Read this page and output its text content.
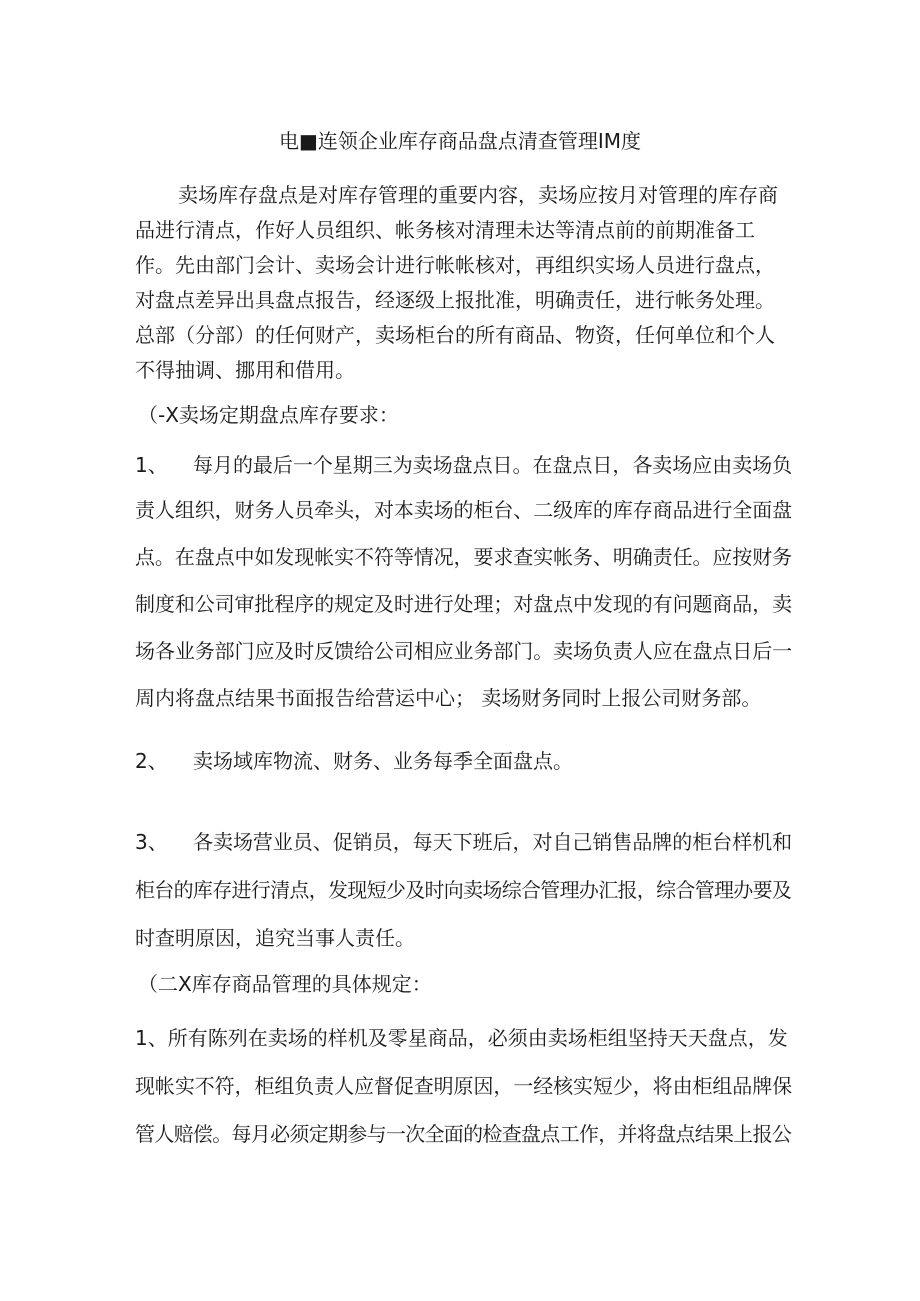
电■连领企业库存商品盘点清查管理IM度
卖场库存盘点是对库存管理的重要内容，卖场应按月对管理的库存商
品进行清点，作好人员组织、帐务核对清理未达等清点前的前期准备工
作。先由部门会计、卖场会计进行帐帐核对，再组织实场人员进行盘点，
对盘点差异出具盘点报告，经逐级上报批准，明确责任，进行帐务处理。
总部（分部）的任何财产，卖场柜台的所有商品、物资，任何单位和个人
不得抽调、挪用和借用。
（-X卖场定期盘点库存要求：
1、 每月的最后一个星期三为卖场盘点日。在盘点日，各卖场应由卖场负
责人组织，财务人员牵头，对本卖场的柜台、二级库的库存商品进行全面盘
点。在盘点中如发现帐实不符等情况，要求查实帐务、明确责任。应按财务
制度和公司审批程序的规定及时进行处理；对盘点中发现的有问题商品，卖
场各业务部门应及时反馈给公司相应业务部门。卖场负责人应在盘点日后一
周内将盘点结果书面报告给营运中心； 卖场财务同时上报公司财务部。
2、 卖场域库物流、财务、业务每季全面盘点。
3、 各卖场营业员、促销员，每天下班后，对自己销售品牌的柜台样机和
柜台的库存进行清点，发现短少及时向卖场综合管理办汇报，综合管理办要及
时查明原因，追究当事人责任。
（二X库存商品管理的具体规定：
1、所有陈列在卖场的样机及零星商品，必须由卖场柜组坚持天天盘点，发
现帐实不符，柜组负责人应督促查明原因，一经核实短少，将由柜组品牌保
管人赔偿。每月必须定期参与一次全面的检查盘点工作，并将盘点结果上报公
